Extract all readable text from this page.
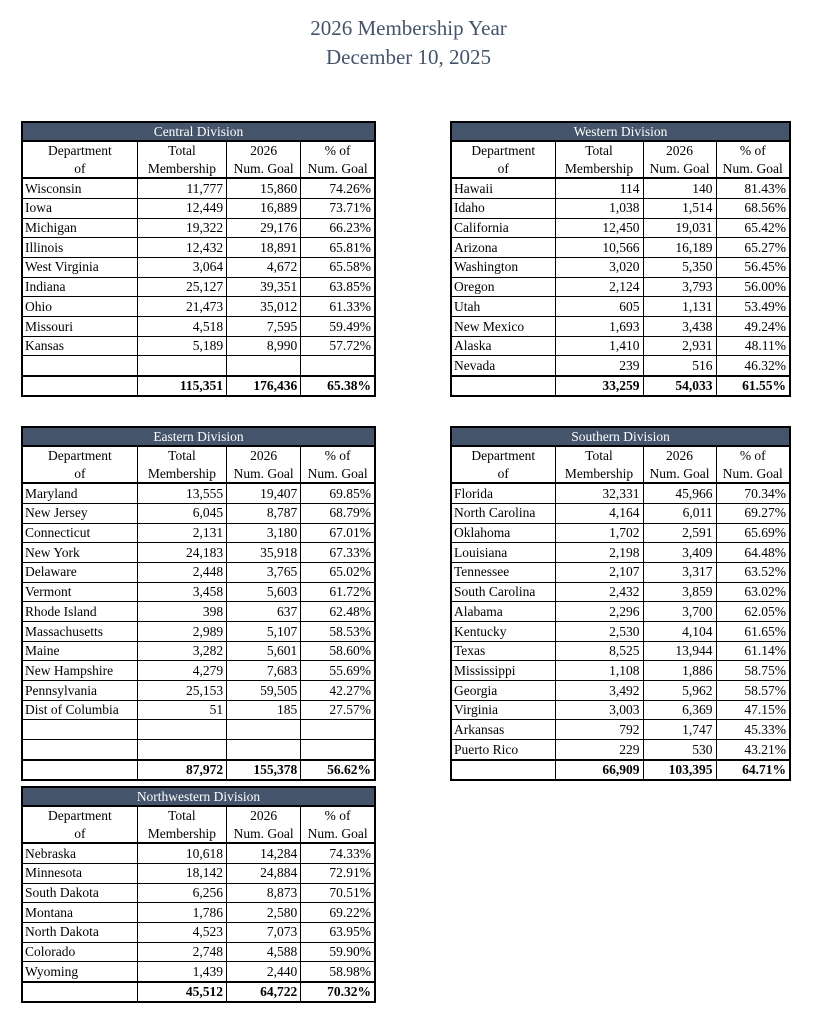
2026 Membership Year
December 10, 2025
Central Division			
Department	Total	2026	% of
of	Membership	Num. Goal	Num. Goal
Wisconsin	11,777	15,860	74.26%
Iowa	12,449	16,889	73.71%
Michigan	19,322	29,176	66.23%
Illinois	12,432	18,891	65.81%
West Virginia	3,064	4,672	65.58%
Indiana	25,127	39,351	63.85%
Ohio	21,473	35,012	61.33%
Missouri	4,518	7,595	59.49%
Kansas	5,189	8,990	57.72%

	115,351	176,436	65.38%
Western Division			
Department	Total	2026	% of
of	Membership	Num. Goal	Num. Goal
Hawaii	114	140	81.43%
Idaho	1,038	1,514	68.56%
California	12,450	19,031	65.42%
Arizona	10,566	16,189	65.27%
Washington	3,020	5,350	56.45%
Oregon	2,124	3,793	56.00%
Utah	605	1,131	53.49%
New Mexico	1,693	3,438	49.24%
Alaska	1,410	2,931	48.11%
Nevada	239	516	46.32%
	33,259	54,033	61.55%
Eastern Division			
Department	Total	2026	% of
of	Membership	Num. Goal	Num. Goal
Maryland	13,555	19,407	69.85%
New Jersey	6,045	8,787	68.79%
Connecticut	2,131	3,180	67.01%
New York	24,183	35,918	67.33%
Delaware	2,448	3,765	65.02%
Vermont	3,458	5,603	61.72%
Rhode Island	398	637	62.48%
Massachusetts	2,989	5,107	58.53%
Maine	3,282	5,601	58.60%
New Hampshire	4,279	7,683	55.69%
Pennsylvania	25,153	59,505	42.27%
Dist of Columbia	51	185	27.57%

	87,972	155,378	56.62%
Southern Division			
Department	Total	2026	% of
of	Membership	Num. Goal	Num. Goal
Florida	32,331	45,966	70.34%
North Carolina	4,164	6,011	69.27%
Oklahoma	1,702	2,591	65.69%
Louisiana	2,198	3,409	64.48%
Tennessee	2,107	3,317	63.52%
South Carolina	2,432	3,859	63.02%
Alabama	2,296	3,700	62.05%
Kentucky	2,530	4,104	61.65%
Texas	8,525	13,944	61.14%
Mississippi	1,108	1,886	58.75%
Georgia	3,492	5,962	58.57%
Virginia	3,003	6,369	47.15%
Arkansas	792	1,747	45.33%
Puerto Rico	229	530	43.21%
	66,909	103,395	64.71%
Northwestern Division			
Department	Total	2026	% of
of	Membership	Num. Goal	Num. Goal
Nebraska	10,618	14,284	74.33%
Minnesota	18,142	24,884	72.91%
South Dakota	6,256	8,873	70.51%
Montana	1,786	2,580	69.22%
North Dakota	4,523	7,073	63.95%
Colorado	2,748	4,588	59.90%
Wyoming	1,439	2,440	58.98%
	45,512	64,722	70.32%
